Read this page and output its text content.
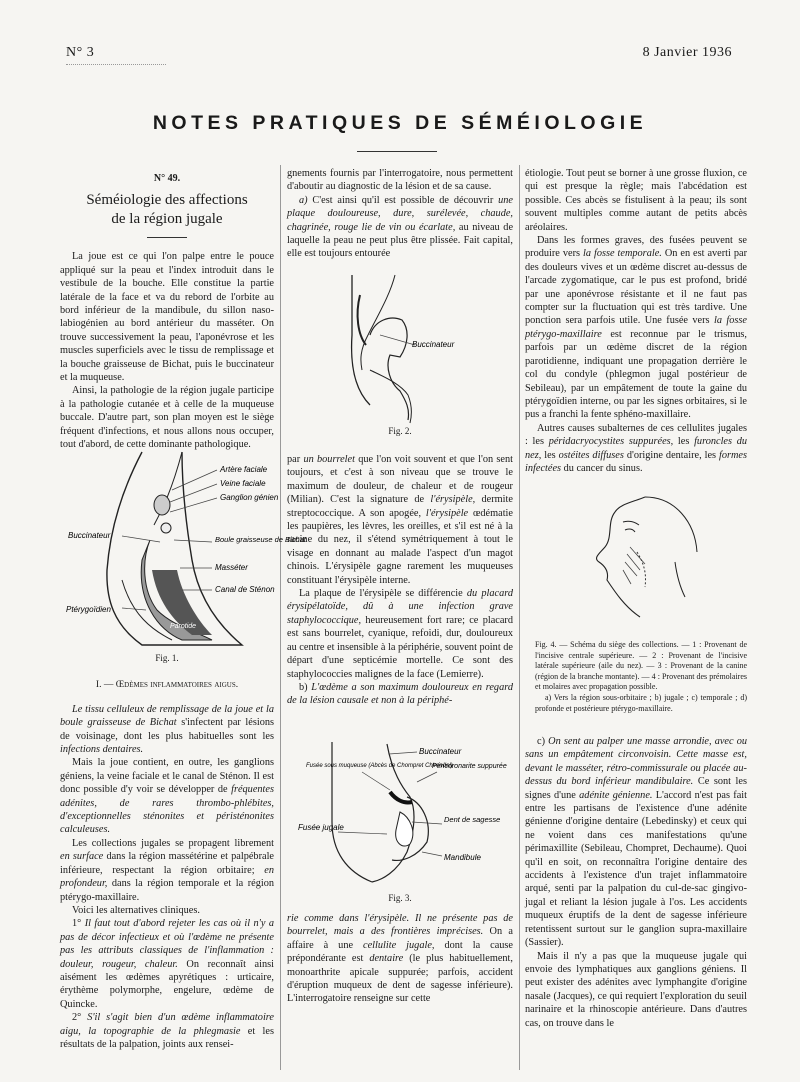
N° 3	8 Janvier 1936
NOTES PRATIQUES DE SÉMÉIOLOGIE
N° 49.
Séméiologie des affections
de la région jugale

La joue est ce qui l'on palpe entre le pouce appliqué sur la peau et l'index introduit dans le vestibule de la bouche. Elle constitue la partie latérale de la face et va du rebord de l'orbite au bord inférieur de la mandibule, du sillon naso-labiogénien au bord antérieur du masséter. On trouve successivement la peau, l'aponévrose et les muscles superficiels avec le tissu de remplissage et la bouche graisseuse de Bichat, puis le buccinateur et la muqueuse.

Ainsi, la pathologie de la région jugale participe à la pathologie cutanée et à celle de la muqueuse buccale. D'autre part, son plan moyen est le siège fréquent d'infections, et nous allons nous occuper, tout d'abord, de cette dominante pathologique.

Artère faciale
Veine faciale
Ganglion génien
Buccinateur	Boule graisseuse de Bichat
Masséter
Canal de Sténon
Ptérygoïdien
Parotide
Fig. 1.
I. — Œdèmes inflammatoires aigus.

Le tissu celluleux de remplissage de la joue et la boule graisseuse de Bichat s'infectent par lésions de voisinage, dont les plus habituelles sont les infections dentaires.

Mais la joue contient, en outre, les ganglions géniens, la veine faciale et le canal de Sténon. Il est donc possible d'y voir se développer de fréquentes adénites, de rares thrombo-phlébites, d'exceptionnelles sténonites et péristénonites calculeuses.

Les collections jugales se propagent librement en surface dans la région massétérine et palpébrale inférieure, respectant la région orbitaire; en profondeur, dans la région temporale et la région ptérygo-maxillaire.

Voici les alternatives cliniques.

1° Il faut tout d'abord rejeter les cas où il n'y a pas de décor infectieux et où l'œdème ne présente pas les attributs classiques de l'inflammation : douleur, rougeur, chaleur. On reconnaît ainsi aisément les œdèmes apyrétiques : urticaire, érythème polymorphe, engelure, œdème de Quincke.

2° S'il s'agit bien d'un œdème inflammatoire aigu, la topographie de la phlegmasie et les résultats de la palpation, joints aux rensei-

gnements fournis par l'interrogatoire, nous permettent d'aboutir au diagnostic de la lésion et de sa cause.

a) C'est ainsi qu'il est possible de découvrir une plaque douloureuse, dure, surélevée, chaude, chagrinée, rouge lie de vin ou écarlate, au niveau de laquelle la peau ne peut plus être plissée. Fait capital, elle est toujours entourée

Buccinateur
Fig. 2.

par un bourrelet que l'on voit souvent et que l'on sent toujours, et c'est à son niveau que se trouve le maximum de douleur, de chaleur et de rougeur (Milian). C'est la signature de l'érysipèle, dermite streptococcique. A son apogée, l'érysipèle œdématie les paupières, les lèvres, les oreilles, et s'il est né à la racine du nez, il s'étend symétriquement à tout le visage en donnant au malade l'aspect d'un magot chinois. L'érysipèle gagne rarement les muqueuses constituant l'érysipèle interne.

La plaque de l'érysipèle se différencie du placard érysipélatoïde, dû à une infection grave staphylococcique, heureusement fort rare; ce placard est sans bourrelet, cyanique, refoidi, dur, douloureux au centre et insensible à la périphérie, souvent point de départ d'une septicémie mortelle. Ce sont des staphylococcies malignes de la face (Lemierre).

b) L'œdème a son maximum douloureux en regard de la lésion causale et non à la périphé-

Buccinateur
Fusée sous muqueuse (Abcès de Chompret Chirondel)
Péricoronarite suppurée
Dent de sagesse
Fusée jugale
Mandibule
Fig. 3.

rie comme dans l'érysipèle. Il ne présente pas de bourrelet, mais a des frontières imprécises. On a affaire à une cellulite jugale, dont la cause prépondérante est dentaire (le plus habituellement, monoarthrite apicale suppurée; parfois, accident d'éruption muqueux de dent de sagesse inférieure). L'interrogatoire renseigne sur cette

étiologie. Tout peut se borner à une grosse fluxion, ce qui est presque la règle; mais l'abcédation est possible. Ces abcès se fistulisent à la peau; ils sont souvent multiples comme autant de petits abcès aréolaires.

Dans les formes graves, des fusées peuvent se produire vers la fosse temporale. On en est averti par des douleurs vives et un œdème discret au-dessus de l'arcade zygomatique, car le pus est profond, bridé par une aponévrose résistante et il ne faut pas compter sur la fluctuation qui est très tardive. Une ponction sera parfois utile. Une fusée vers la fosse ptérygo-maxillaire est reconnue par le trismus, parfois par un œdème discret de la région parotidienne, indiquant une propagation derrière le col du condyle (phlegmon jugal postérieur de Sebileau), par un empâtement de toute la gaine du ptérygoïdien interne, ou par les signes orbitaires, si le pus a franchi la fente sphéno-maxillaire.

Autres causes subalternes de ces cellulites jugales : les péridacryocystites suppurées, les furoncles du nez, les ostéites diffuses d'origine dentaire, les formes infectées du cancer du sinus.

Fig. 4. — Schéma du siège des collections. — 1 : Provenant de l'incisive centrale supérieure. — 2 : Provenant de l'incisive latérale supérieure (aile du nez). — 3 : Provenant de la canine (région de la branche montante). — 4 : Provenant des prémolaires et molaires avec propagation possible.
a) Vers la région sous-orbitaire ; b) jugale ; c) temporale ; d) profonde et postérieure ptérygo-maxillaire.

c) On sent au palper une masse arrondie, avec ou sans un empâtement circonvoisin. Cette masse est, devant le masséter, rétro-commissurale ou placée au-dessus du bord inférieur mandibulaire. Ce sont les signes d'une adénite génienne. L'accord n'est pas fait entre les partisans de l'existence d'une adénite génienne d'origine dentaire (Lebedinsky) et ceux qui ne voient dans ces manifestations qu'une périmaxillite (Sebileau, Chompret, Dechaume). Quoi qu'il en soit, on reconnaîtra l'origine dentaire des accidents à l'existence d'un trajet inflammatoire arqué, senti par la palpation du cul-de-sac gingivo-jugal et reliant la lésion jugale à l'os. Les accidents muqueux éruptifs de la dent de sagesse inférieure retentissent surtout sur le ganglion supra-maxillaire (Sassier).

Mais il n'y a pas que la muqueuse jugale qui envoie des lymphatiques aux ganglions géniens. Il peut exister des adénites avec lymphangite d'origine nasale (Jacques), ce qui requiert l'exploration du seuil narinaire et la rhinoscopie antérieure. Dans d'autres cas, on trouve dans le
